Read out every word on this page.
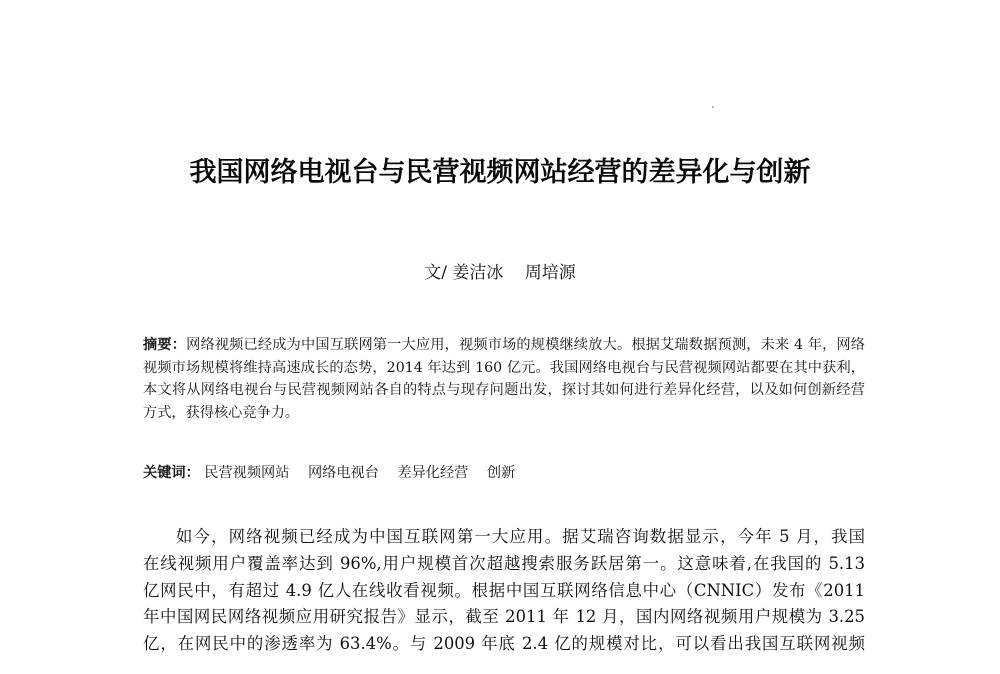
我国网络电视台与民营视频网站经营的差异化与创新
文/ 姜洁冰 周培源
摘要：网络视频已经成为中国互联网第一大应用，视频市场的规模继续放大。根据艾瑞数据预测，未来 4 年，网络视频市场规模将维持高速成长的态势，2014 年达到 160 亿元。我国网络电视台与民营视频网站都要在其中获利，本文将从网络电视台与民营视频网站各自的特点与现存问题出发，探讨其如何进行差异化经营，以及如何创新经营方式，获得核心竞争力。
关键词： 民营视频网站 网络电视台 差异化经营 创新
如今，网络视频已经成为中国互联网第一大应用。据艾瑞咨询数据显示，今年 5 月，我国
在线视频用户覆盖率达到 96%,用户规模首次超越搜索服务跃居第一。这意味着,在我国的 5.13
亿网民中，有超过 4.9 亿人在线收看视频。根据中国互联网络信息中心（CNNIC）发布《2011
年中国网民网络视频应用研究报告》显示，截至 2011 年 12 月，国内网络视频用户规模为 3.25
亿，在网民中的渗透率为 63.4%。与 2009 年底 2.4 亿的规模对比，可以看出我国互联网视频
